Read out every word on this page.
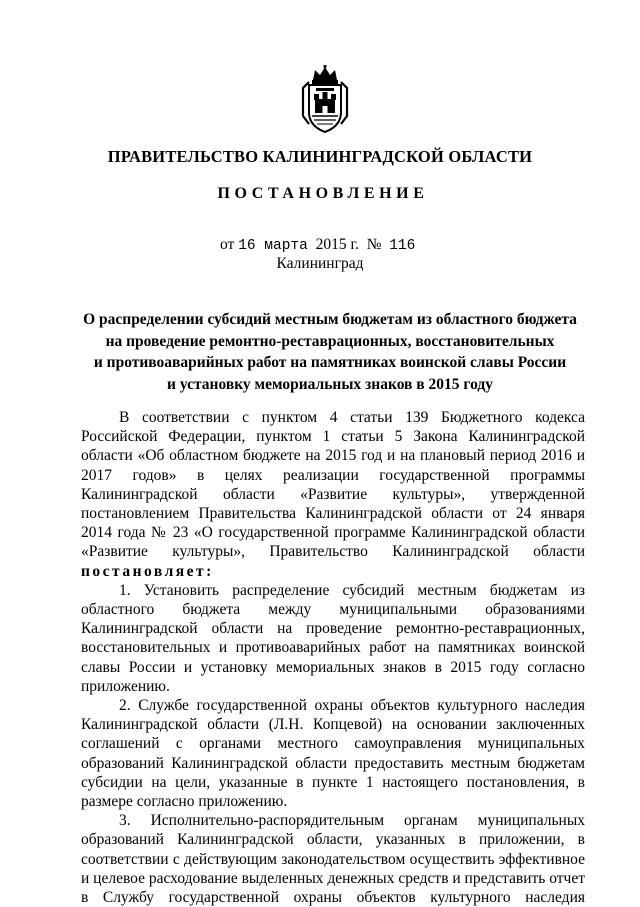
ПРАВИТЕЛЬСТВО КАЛИНИНГРАДСКОЙ ОБЛАСТИ
ПОСТАНОВЛЕНИЕ
от 16 марта 2015 г. № 116
Калининград
О распределении субсидий местным бюджетам из областного бюджета
на проведение ремонтно-реставрационных, восстановительных
и противоаварийных работ на памятниках воинской славы России
и установку мемориальных знаков в 2015 году

В соответствии с пунктом 4 статьи 139 Бюджетного кодекса Российской Федерации, пунктом 1 статьи 5 Закона Калининградской области «Об областном бюджете на 2015 год и на плановый период 2016 и 2017 годов» в целях реализации государственной программы Калининградской области «Развитие культуры», утвержденной постановлением Правительства Калининградской области от 24 января 2014 года № 23 «О государственной программе Калининградской области «Развитие культуры», Правительство Калининградской области постановляет:

1. Установить распределение субсидий местным бюджетам из областного бюджета между муниципальными образованиями Калининградской области на проведение ремонтно-реставрационных, восстановительных и противоаварийных работ на памятниках воинской славы России и установку мемориальных знаков в 2015 году согласно приложению.

2. Службе государственной охраны объектов культурного наследия Калининградской области (Л.Н. Копцевой) на основании заключенных соглашений с органами местного самоуправления муниципальных образований Калининградской области предоставить местным бюджетам субсидии на цели, указанные в пункте 1 настоящего постановления, в размере согласно приложению.

3. Исполнительно-распорядительным органам муниципальных образований Калининградской области, указанных в приложении, в соответствии с действующим законодательством осуществить эффективное и целевое расходование выделенных денежных средств и представить отчет в Службу государственной охраны объектов культурного наследия
